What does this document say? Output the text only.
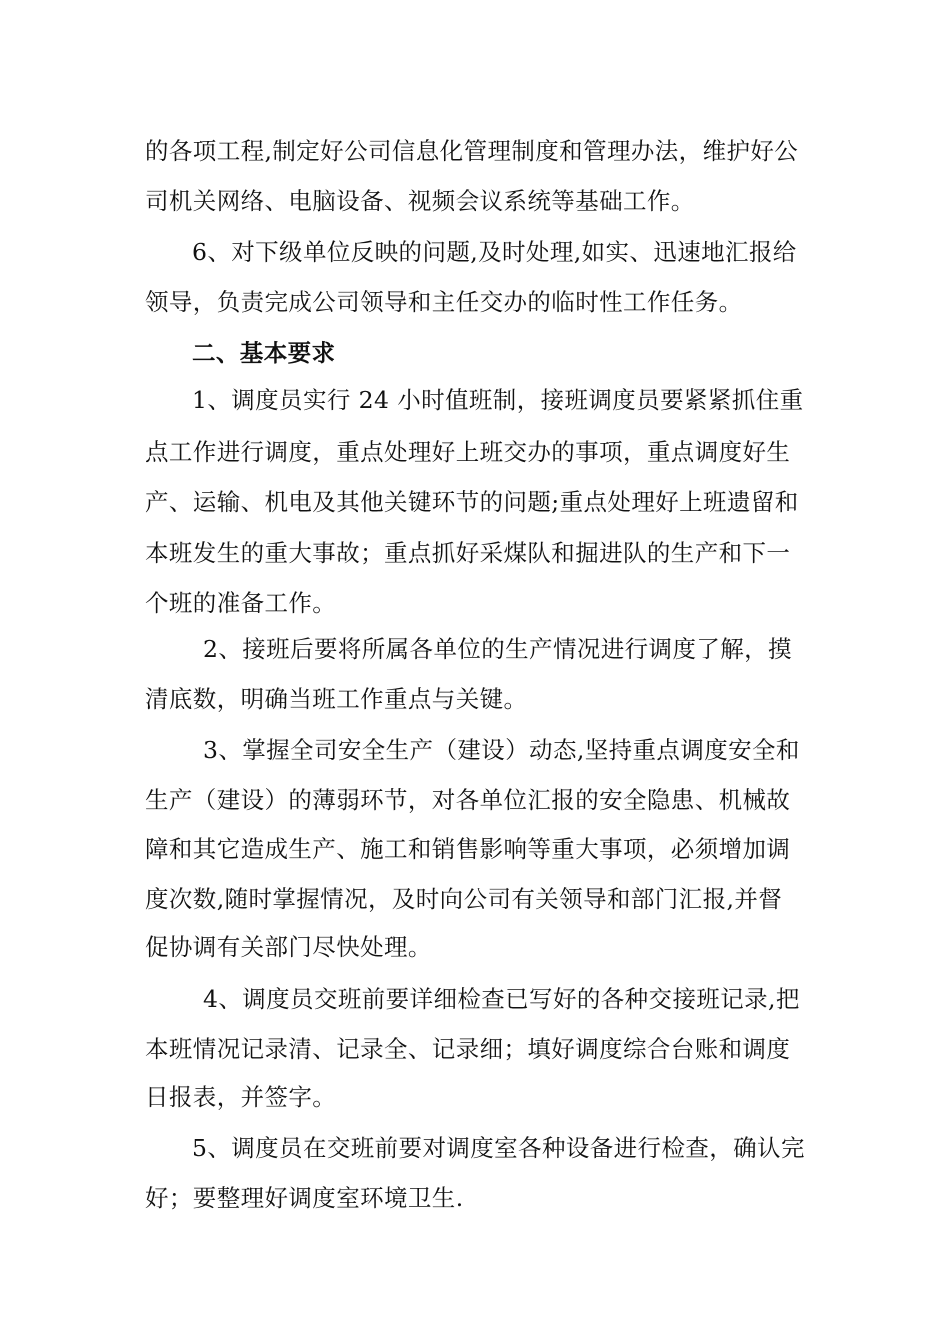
的各项工程,制定好公司信息化管理制度和管理办法，维护好公
司机关网络、电脑设备、视频会议系统等基础工作。
6、对下级单位反映的问题,及时处理,如实、迅速地汇报给
领导，负责完成公司领导和主任交办的临时性工作任务。
二、基本要求
1、调度员实行 24 小时值班制，接班调度员要紧紧抓住重
点工作进行调度，重点处理好上班交办的事项，重点调度好生
产、运输、机电及其他关键环节的问题;重点处理好上班遗留和
本班发生的重大事故；重点抓好采煤队和掘进队的生产和下一
个班的准备工作。
2、接班后要将所属各单位的生产情况进行调度了解，摸
清底数，明确当班工作重点与关键。
3、掌握全司安全生产（建设）动态,坚持重点调度安全和
生产（建设）的薄弱环节，对各单位汇报的安全隐患、机械故
障和其它造成生产、施工和销售影响等重大事项，必须增加调
度次数,随时掌握情况，及时向公司有关领导和部门汇报,并督
促协调有关部门尽快处理。
4、调度员交班前要详细检查已写好的各种交接班记录,把
本班情况记录清、记录全、记录细；填好调度综合台账和调度
日报表，并签字。
5、调度员在交班前要对调度室各种设备进行检查，确认完
好；要整理好调度室环境卫生.
